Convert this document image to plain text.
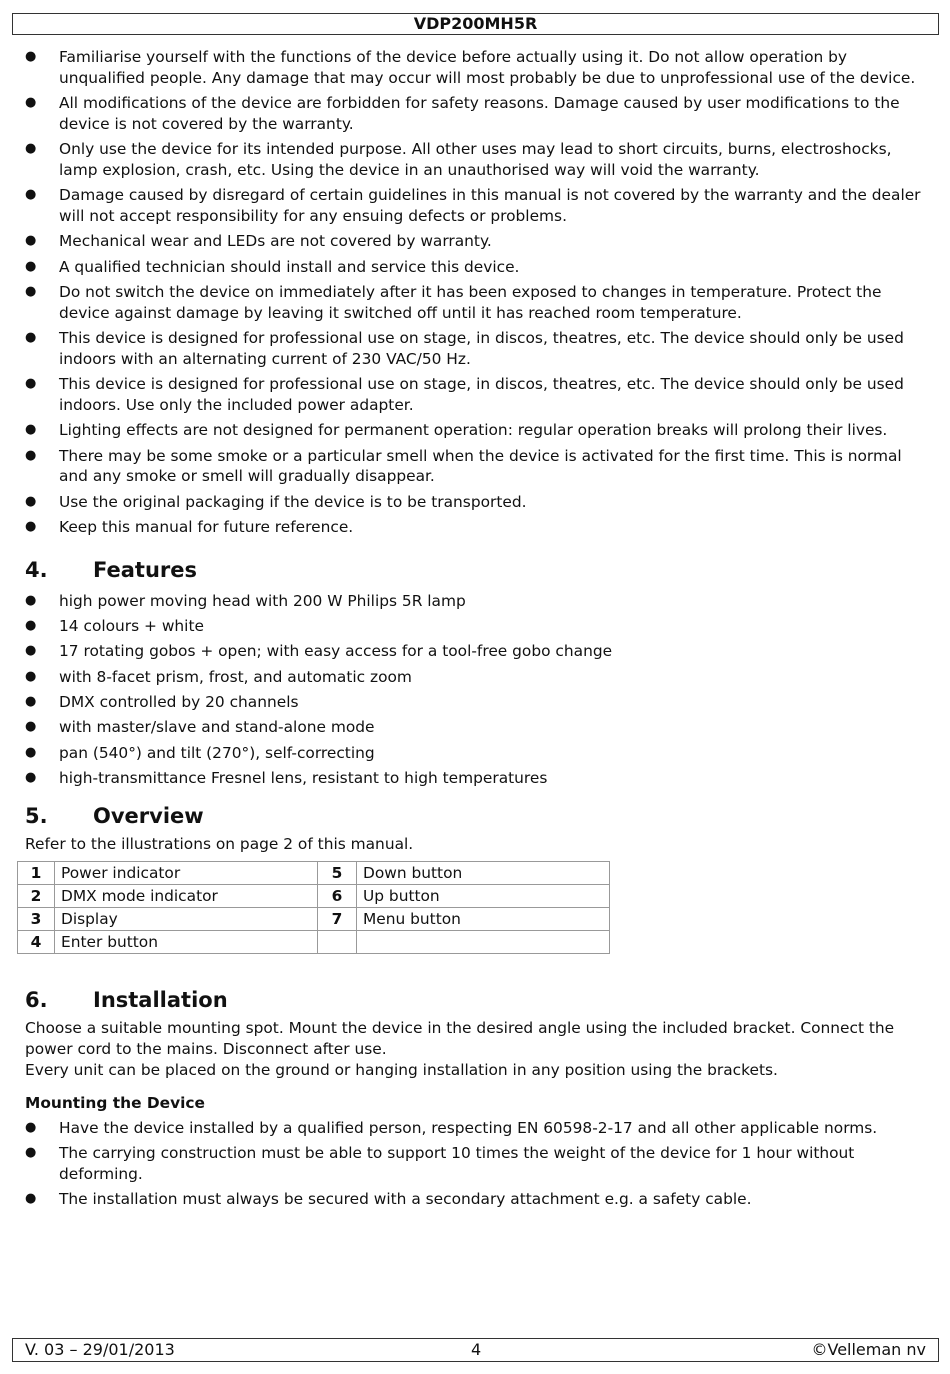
VDP200MH5R
● Familiarise yourself with the functions of the device before actually using it. Do not allow operation by unqualified people. Any damage that may occur will most probably be due to unprofessional use of the device.
● All modifications of the device are forbidden for safety reasons. Damage caused by user modifications to the device is not covered by the warranty.
● Only use the device for its intended purpose. All other uses may lead to short circuits, burns, electroshocks, lamp explosion, crash, etc. Using the device in an unauthorised way will void the warranty.
● Damage caused by disregard of certain guidelines in this manual is not covered by the warranty and the dealer will not accept responsibility for any ensuing defects or problems.
● Mechanical wear and LEDs are not covered by warranty.
● A qualified technician should install and service this device.
● Do not switch the device on immediately after it has been exposed to changes in temperature. Protect the device against damage by leaving it switched off until it has reached room temperature.
● This device is designed for professional use on stage, in discos, theatres, etc. The device should only be used indoors with an alternating current of 230 VAC/50 Hz.
● This device is designed for professional use on stage, in discos, theatres, etc. The device should only be used indoors. Use only the included power adapter.
● Lighting effects are not designed for permanent operation: regular operation breaks will prolong their lives.
● There may be some smoke or a particular smell when the device is activated for the first time. This is normal and any smoke or smell will gradually disappear.
● Use the original packaging if the device is to be transported.
● Keep this manual for future reference.
4. Features
● high power moving head with 200 W Philips 5R lamp
● 14 colours + white
● 17 rotating gobos + open; with easy access for a tool-free gobo change
● with 8-facet prism, frost, and automatic zoom
● DMX controlled by 20 channels
● with master/slave and stand-alone mode
● pan (540°) and tilt (270°), self-correcting
● high-transmittance Fresnel lens, resistant to high temperatures
5. Overview

Refer to the illustrations on page 2 of this manual.

1	Power indicator	5	Down button
2	DMX mode indicator	6	Up button
3	Display	7	Menu button
4	Enter button		
6. Installation

Choose a suitable mounting spot. Mount the device in the desired angle using the included bracket. Connect the power cord to the mains. Disconnect after use.

Every unit can be placed on the ground or hanging installation in any position using the brackets.

Mounting the Device

● Have the device installed by a qualified person, respecting EN 60598-2-17 and all other applicable norms.
● The carrying construction must be able to support 10 times the weight of the device for 1 hour without deforming.
● The installation must always be secured with a secondary attachment e.g. a safety cable.
V. 03 – 29/01/2013	4	©Velleman nv
